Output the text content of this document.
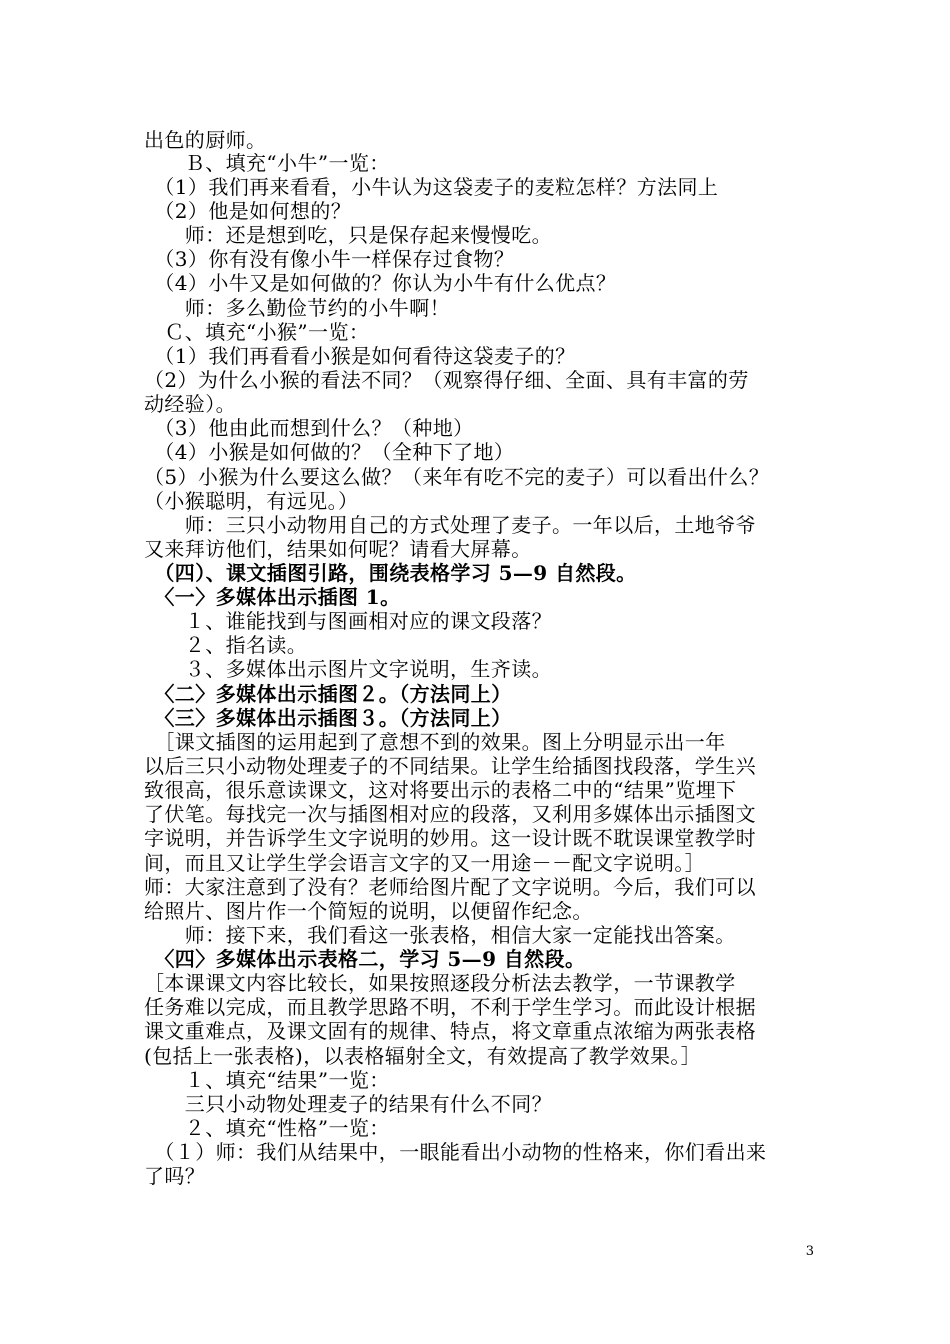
出色的厨师。
　　Ｂ、填充“小牛”一览：
　（1）我们再来看看，小牛认为这袋麦子的麦粒怎样？方法同上
　（2）他是如何想的？
　　师：还是想到吃，只是保存起来慢慢吃。
　（3）你有没有像小牛一样保存过食物？
　（4）小牛又是如何做的？你认为小牛有什么优点？
　　师：多么勤俭节约的小牛啊！
　Ｃ、填充“小猴”一览：
　（1）我们再看看小猴是如何看待这袋麦子的？
（2）为什么小猴的看法不同？（观察得仔细、全面、具有丰富的劳
动经验）。
　（3）他由此而想到什么？（种地）
　（4）小猴是如何做的？（全种下了地）
（5）小猴为什么要这么做？（来年有吃不完的麦子）可以看出什么？
（小猴聪明，有远见。）
　　师：三只小动物用自己的方式处理了麦子。一年以后，土地爷爷
又来拜访他们，结果如何呢？请看大屏幕。
　（四）、课文插图引路，围绕表格学习 5—9 自然段。
　〈一〉多媒体出示插图 1。
　　１、谁能找到与图画相对应的课文段落？
　　２、指名读。
　　３、多媒体出示图片文字说明，生齐读。
　〈二〉多媒体出示插图２。（方法同上）
　〈三〉多媒体出示插图３。（方法同上）
　［课文插图的运用起到了意想不到的效果。图上分明显示出一年
以后三只小动物处理麦子的不同结果。让学生给插图找段落，学生兴
致很高，很乐意读课文，这对将要出示的表格二中的“结果”览埋下
了伏笔。每找完一次与插图相对应的段落，又利用多媒体出示插图文
字说明，并告诉学生文字说明的妙用。这一设计既不耽误课堂教学时
间，而且又让学生学会语言文字的又一用途－－配文字说明。］
师：大家注意到了没有？老师给图片配了文字说明。今后，我们可以
给照片、图片作一个简短的说明，以便留作纪念。
　　师：接下来，我们看这一张表格，相信大家一定能找出答案。
　〈四〉多媒体出示表格二，学习 5—9 自然段。
［本课课文内容比较长，如果按照逐段分析法去教学，一节课教学
任务难以完成，而且教学思路不明，不利于学生学习。而此设计根据
课文重难点，及课文固有的规律、特点，将文章重点浓缩为两张表格
(包括上一张表格)，以表格辐射全文，有效提高了教学效果。］
　　１、填充“结果”一览：
　　三只小动物处理麦子的结果有什么不同？
　　２、填充“性格”一览：
　（１）师：我们从结果中，一眼能看出小动物的性格来，你们看出来
了吗？
3
